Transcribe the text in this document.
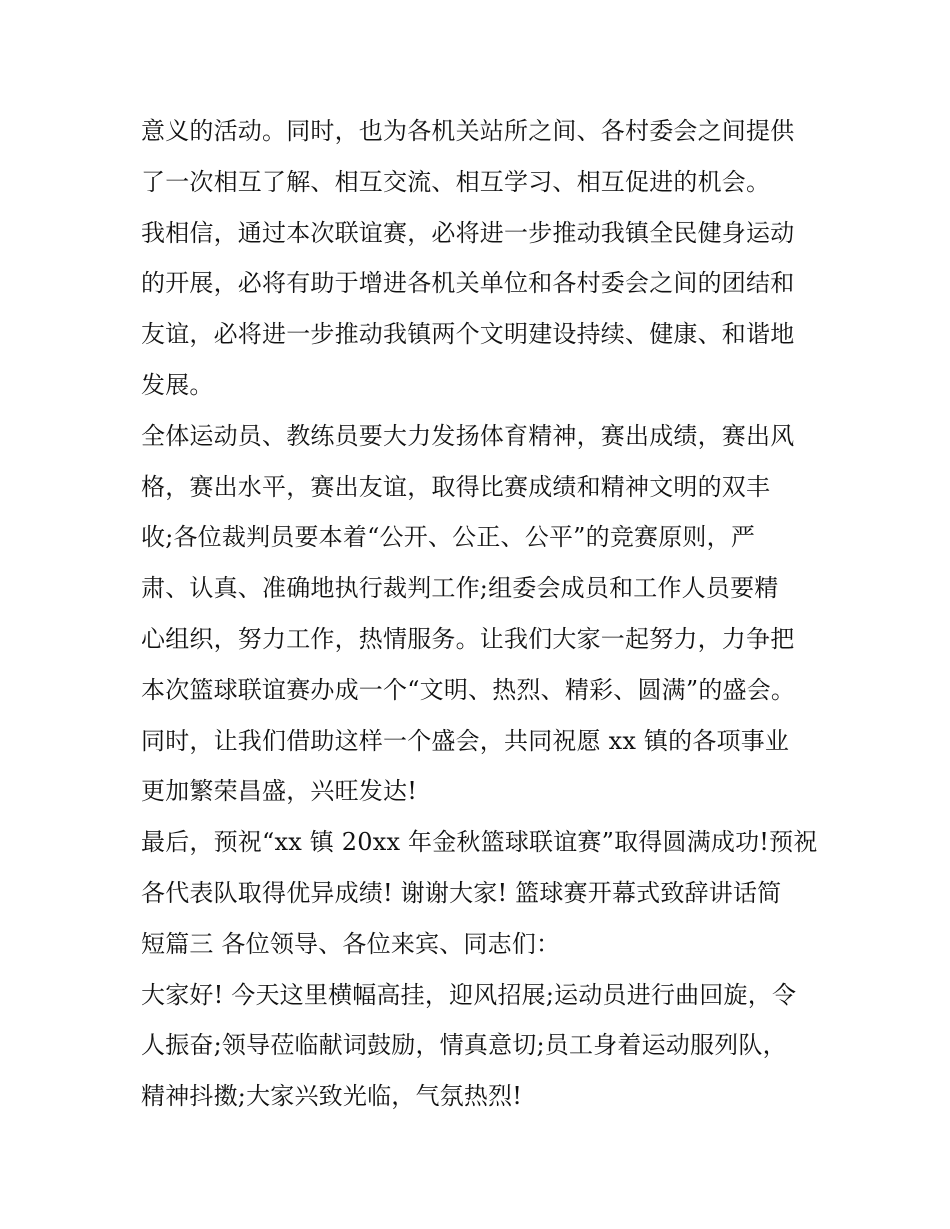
意义的活动。同时，也为各机关站所之间、各村委会之间提供
了一次相互了解、相互交流、相互学习、相互促进的机会。
我相信，通过本次联谊赛，必将进一步推动我镇全民健身运动
的开展，必将有助于增进各机关单位和各村委会之间的团结和
友谊，必将进一步推动我镇两个文明建设持续、健康、和谐地
发展。
全体运动员、教练员要大力发扬体育精神，赛出成绩，赛出风
格，赛出水平，赛出友谊，取得比赛成绩和精神文明的双丰
收;各位裁判员要本着“公开、公正、公平”的竞赛原则，严
肃、认真、准确地执行裁判工作;组委会成员和工作人员要精
心组织，努力工作，热情服务。让我们大家一起努力，力争把
本次篮球联谊赛办成一个“文明、热烈、精彩、圆满”的盛会。
同时，让我们借助这样一个盛会，共同祝愿 xx 镇的各项事业
更加繁荣昌盛，兴旺发达!
最后，预祝“xx 镇 20xx 年金秋篮球联谊赛”取得圆满成功!预祝
各代表队取得优异成绩! 谢谢大家! 篮球赛开幕式致辞讲话简
短篇三 各位领导、各位来宾、同志们：
大家好! 今天这里横幅高挂，迎风招展;运动员进行曲回旋，令
人振奋;领导莅临献词鼓励，情真意切;员工身着运动服列队，
精神抖擞;大家兴致光临，气氛热烈!
